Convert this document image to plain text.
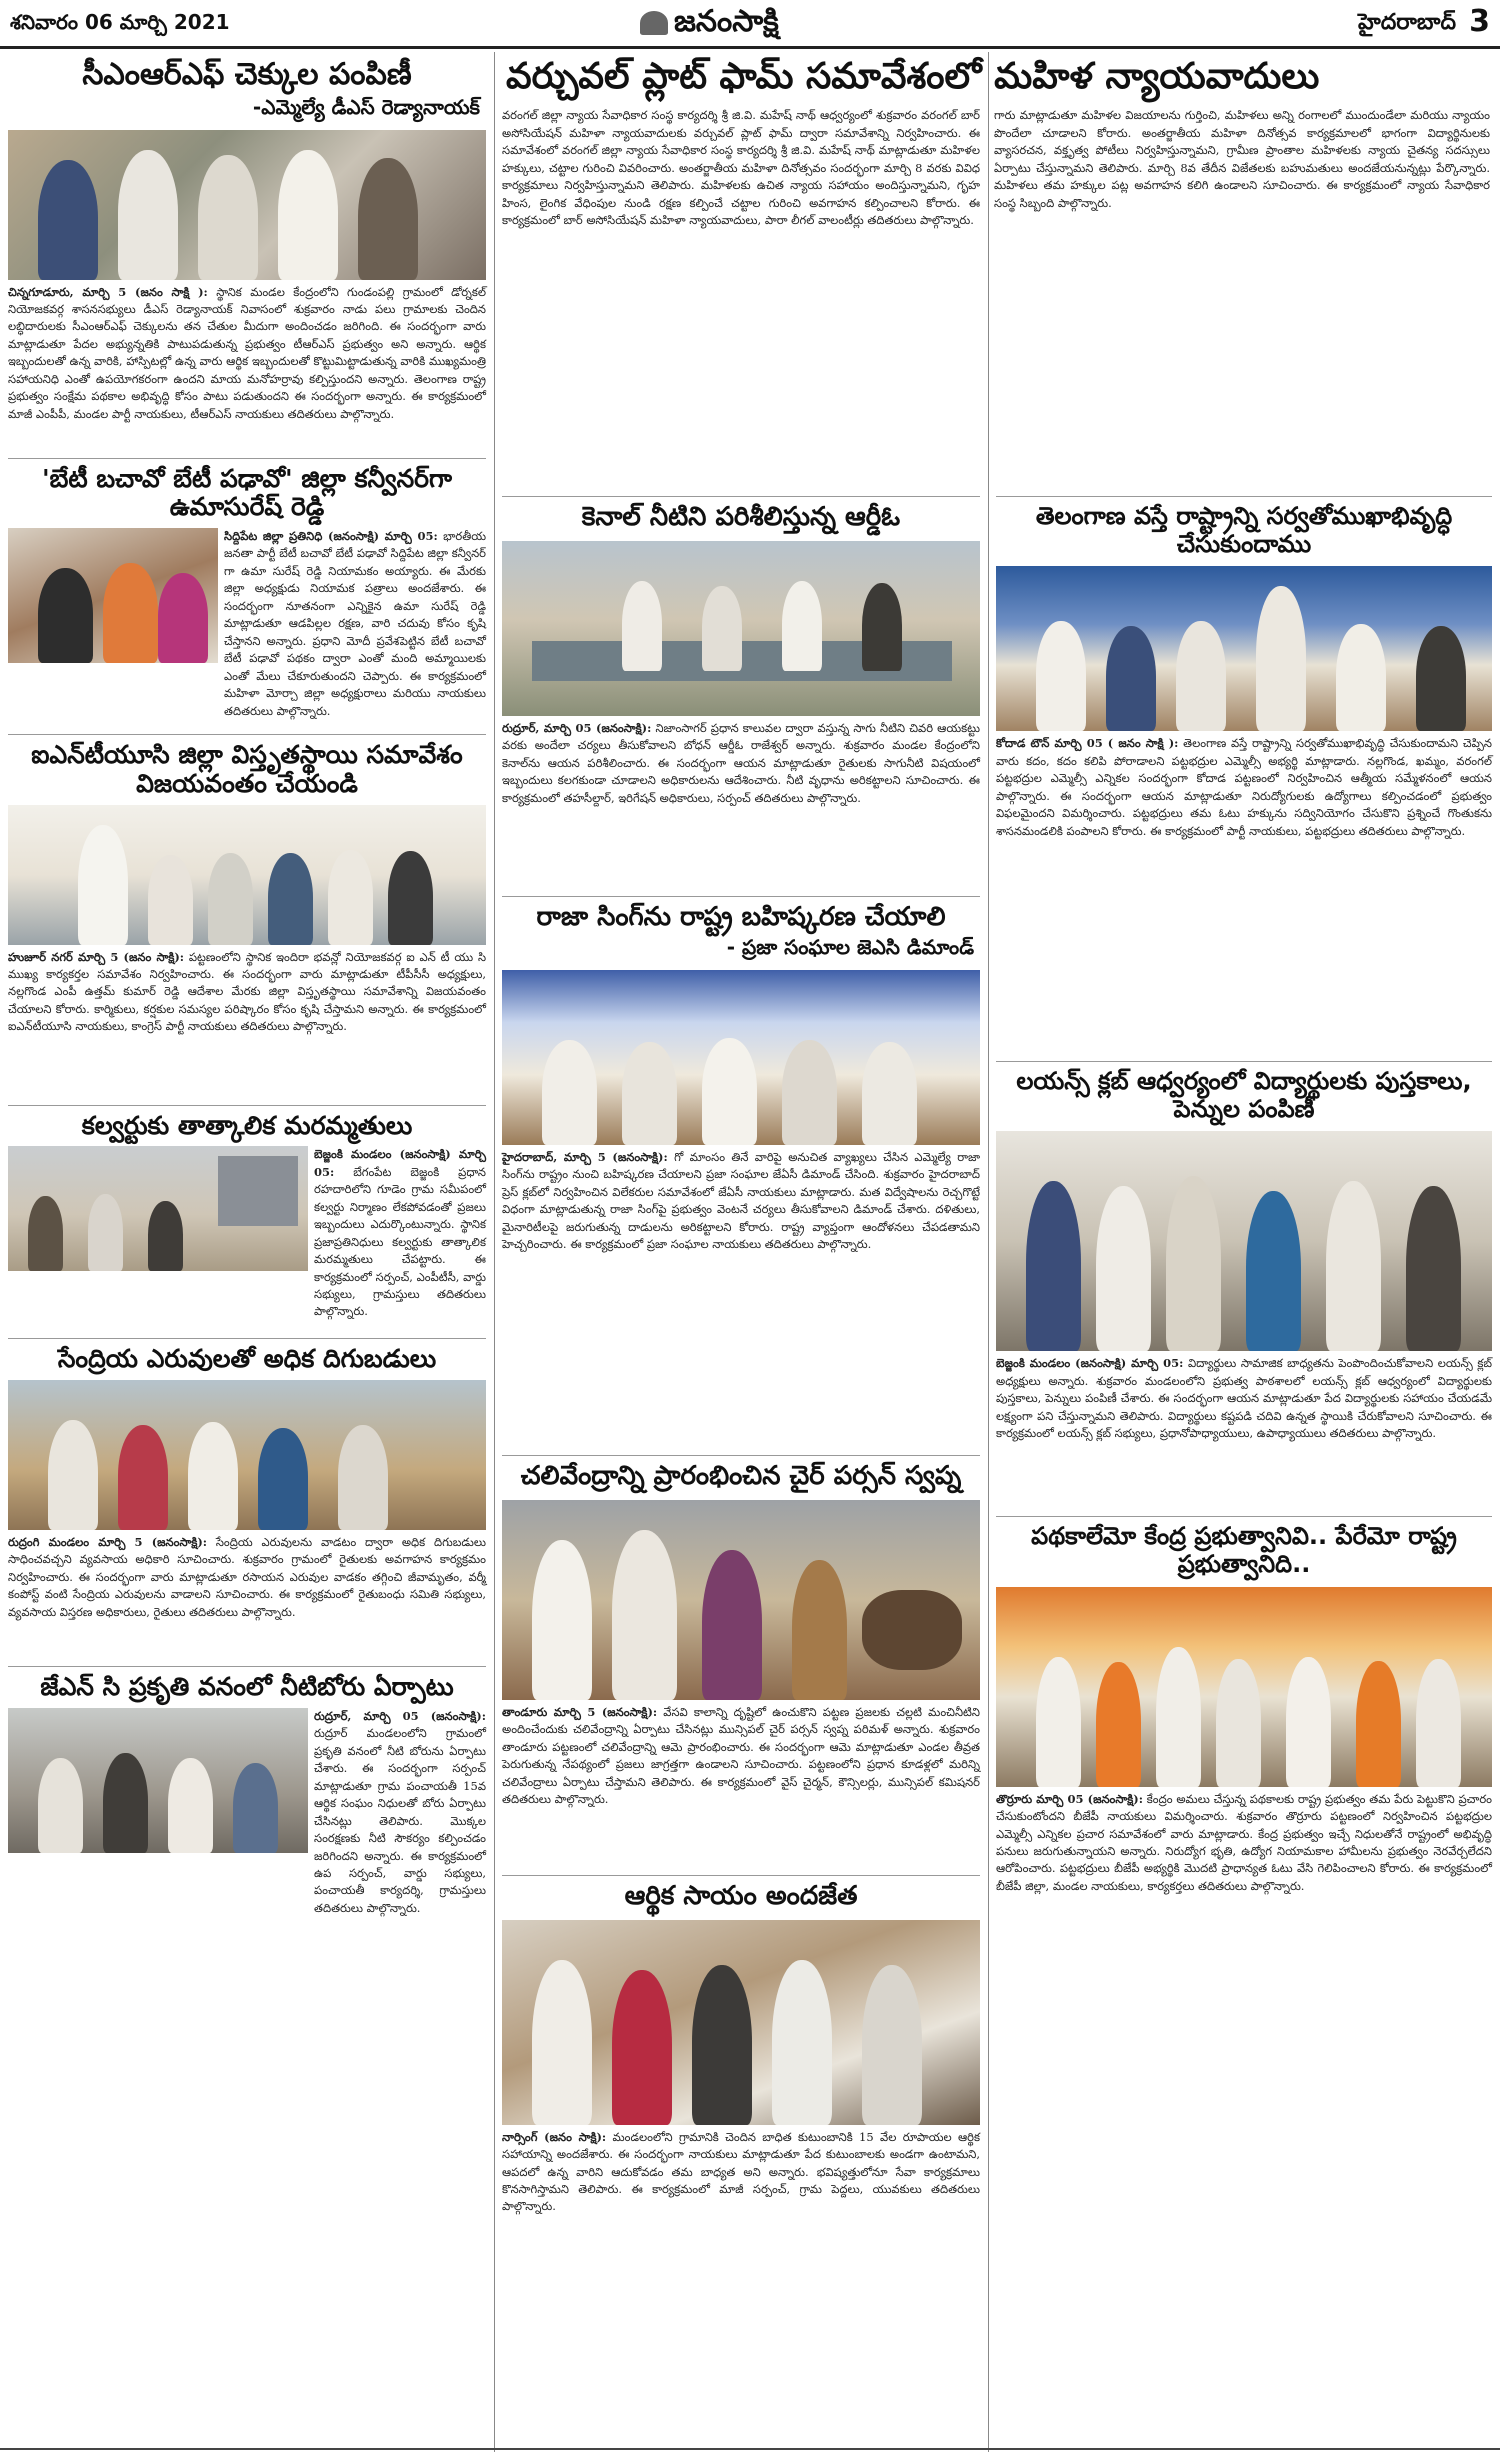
శనివారం 06 మార్చి 2021	జనంసాక్షి	హైదరాబాద్ 3
సీఎంఆర్ఎఫ్ చెక్కుల పంపిణీ
-ఎమ్మెల్యే డీఎస్ రెడ్యానాయక్
చిన్నగూడూరు, మార్చి 5 (జనం సాక్షి ): స్థానిక మండల కేంద్రంలోని గుండంపల్లి గ్రామంలో డోర్నకల్ నియోజకవర్గ శాసనసభ్యులు డీఎస్ రెడ్యానాయక్ నివాసంలో శుక్రవారం నాడు పలు గ్రామాలకు చెందిన లబ్ధిదారులకు సీఎంఆర్ఎఫ్ చెక్కులను తన చేతుల మీదుగా అందించడం జరిగింది. ఈ సందర్భంగా వారు మాట్లాడుతూ పేదల అభ్యున్నతికి పాటుపడుతున్న ప్రభుత్వం టీఆర్ఎస్ ప్రభుత్వం అని అన్నారు. ఆర్థిక ఇబ్బందులతో ఉన్న వారికి, హాస్పిటల్లో ఉన్న వారు ఆర్థిక ఇబ్బందులతో కొట్టుమిట్టాడుతున్న వారికి ముఖ్యమంత్రి సహాయనిధి ఎంతో ఉపయోగకరంగా ఉందని మాయ మనోహర్రావు కల్పిస్తుందని అన్నారు. తెలంగాణ రాష్ట్ర ప్రభుత్వం సంక్షేమ పథకాల అభివృద్ధి కోసం పాటు పడుతుందని ఈ సందర్భంగా అన్నారు. ఈ కార్యక్రమంలో మాజీ ఎంపీపీ, మండల పార్టీ నాయకులు, టీఆర్ఎస్ నాయకులు తదితరులు పాల్గొన్నారు.
'బేటీ బచావో బేటీ పఢావో' జిల్లా కన్వీనర్‌గా ఉమాసురేష్ రెడ్డి
సిద్దిపేట జిల్లా ప్రతినిధి (జనంసాక్షి) మార్చి 05: భారతీయ జనతా పార్టీ బేటీ బచావో బేటీ పఢావో సిద్దిపేట జిల్లా కన్వీనర్ గా ఉమా సురేష్ రెడ్డి నియామకం అయ్యారు. ఈ మేరకు జిల్లా అధ్యక్షుడు నియామక పత్రాలు అందజేశారు. ఈ సందర్భంగా నూతనంగా ఎన్నికైన ఉమా సురేష్ రెడ్డి మాట్లాడుతూ ఆడపిల్లల రక్షణ, వారి చదువు కోసం కృషి చేస్తానని అన్నారు. ప్రధాని మోదీ ప్రవేశపెట్టిన బేటీ బచావో బేటీ పఢావో పథకం ద్వారా ఎంతో మంది అమ్మాయిలకు ఎంతో మేలు చేకూరుతుందని చెప్పారు. ఈ కార్యక్రమంలో మహిళా మోర్చా జిల్లా అధ్యక్షురాలు మరియు నాయకులు తదితరులు పాల్గొన్నారు.
ఐఎన్‌టీయూసి జిల్లా విస్తృతస్థాయి సమావేశం విజయవంతం చేయండి
హుజూర్ నగర్ మార్చి 5 (జనం సాక్షి): పట్టణంలోని స్థానిక ఇందిరా భవన్లో నియోజకవర్గ ఐ ఎన్ టీ యు సి ముఖ్య కార్యకర్తల సమావేశం నిర్వహించారు. ఈ సందర్భంగా వారు మాట్లాడుతూ టీపీసీసీ అధ్యక్షులు, నల్లగొండ ఎంపీ ఉత్తమ్ కుమార్ రెడ్డి ఆదేశాల మేరకు జిల్లా విస్తృతస్థాయి సమావేశాన్ని విజయవంతం చేయాలని కోరారు. కార్మికులు, కర్షకుల సమస్యల పరిష్కారం కోసం కృషి చేస్తామని అన్నారు. ఈ కార్యక్రమంలో ఐఎన్‌టీయూసి నాయకులు, కాంగ్రెస్ పార్టీ నాయకులు తదితరులు పాల్గొన్నారు.
కల్వర్టుకు తాత్కాలిక మరమ్మతులు
బెజ్జంకి మండలం (జనంసాక్షి) మార్చి 05: బేగంపేట బెజ్జంకి ప్రధాన రహదారిలోని గూడెం గ్రామ సమీపంలో కల్వర్టు నిర్మాణం లేకపోవడంతో ప్రజలు ఇబ్బందులు ఎదుర్కొంటున్నారు. స్థానిక ప్రజాప్రతినిధులు కల్వర్టుకు తాత్కాలిక మరమ్మతులు చేపట్టారు. ఈ కార్యక్రమంలో సర్పంచ్, ఎంపీటీసీ, వార్డు సభ్యులు, గ్రామస్తులు తదితరులు పాల్గొన్నారు.
సేంద్రియ ఎరువులతో అధిక దిగుబడులు
రుద్రంగి మండలం మార్చి 5 (జనంసాక్షి): సేంద్రియ ఎరువులను వాడటం ద్వారా అధిక దిగుబడులు సాధించవచ్చని వ్యవసాయ అధికారి సూచించారు. శుక్రవారం గ్రామంలో రైతులకు అవగాహన కార్యక్రమం నిర్వహించారు. ఈ సందర్భంగా వారు మాట్లాడుతూ రసాయన ఎరువుల వాడకం తగ్గించి జీవామృతం, వర్మీ కంపోస్ట్ వంటి సేంద్రియ ఎరువులను వాడాలని సూచించారు. ఈ కార్యక్రమంలో రైతుబంధు సమితి సభ్యులు, వ్యవసాయ విస్తరణ అధికారులు, రైతులు తదితరులు పాల్గొన్నారు.
జేఎన్ సి ప్రకృతి వనంలో నీటిబోరు ఏర్పాటు
రుద్రూర్, మార్చి 05 (జనంసాక్షి): రుద్రూర్ మండలంలోని గ్రామంలో ప్రకృతి వనంలో నీటి బోరును ఏర్పాటు చేశారు. ఈ సందర్భంగా సర్పంచ్ మాట్లాడుతూ గ్రామ పంచాయతీ 15వ ఆర్థిక సంఘం నిధులతో బోరు ఏర్పాటు చేసినట్లు తెలిపారు. మొక్కల సంరక్షణకు నీటి సౌకర్యం కల్పించడం జరిగిందని అన్నారు. ఈ కార్యక్రమంలో ఉప సర్పంచ్, వార్డు సభ్యులు, పంచాయతీ కార్యదర్శి, గ్రామస్తులు తదితరులు పాల్గొన్నారు.
వర్చువల్ ప్లాట్ ఫామ్ సమావేశంలో మహిళ న్యాయవాదులు
వరంగల్ జిల్లా న్యాయ సేవాధికార సంస్థ కార్యదర్శి శ్రీ జి.వి. మహేష్ నాథ్ ఆధ్వర్యంలో శుక్రవారం వరంగల్ బార్ అసోసియేషన్ మహిళా న్యాయవాదులకు వర్చువల్ ప్లాట్ ఫామ్ ద్వారా సమావేశాన్ని నిర్వహించారు. ఈ సమావేశంలో వరంగల్ జిల్లా న్యాయ సేవాధికార సంస్థ కార్యదర్శి శ్రీ జి.వి. మహేష్ నాథ్ మాట్లాడుతూ మహిళల హక్కులు, చట్టాల గురించి వివరించారు. అంతర్జాతీయ మహిళా దినోత్సవం సందర్భంగా మార్చి 8 వరకు వివిధ కార్యక్రమాలు నిర్వహిస్తున్నామని తెలిపారు. మహిళలకు ఉచిత న్యాయ సహాయం అందిస్తున్నామని, గృహ హింస, లైంగిక వేధింపుల నుండి రక్షణ కల్పించే చట్టాల గురించి అవగాహన కల్పించాలని కోరారు. ఈ కార్యక్రమంలో బార్ అసోసియేషన్ మహిళా న్యాయవాదులు, పారా లీగల్ వాలంటీర్లు తదితరులు పాల్గొన్నారు.
గారు మాట్లాడుతూ మహిళల విజయాలను గుర్తించి, మహిళలు అన్ని రంగాలలో ముందుండేలా మరియు న్యాయం పొందేలా చూడాలని కోరారు. అంతర్జాతీయ మహిళా దినోత్సవ కార్యక్రమాలలో భాగంగా విద్యార్థినులకు వ్యాసరచన, వక్తృత్వ పోటీలు నిర్వహిస్తున్నామని, గ్రామీణ ప్రాంతాల మహిళలకు న్యాయ చైతన్య సదస్సులు ఏర్పాటు చేస్తున్నామని తెలిపారు. మార్చి 8వ తేదీన విజేతలకు బహుమతులు అందజేయనున్నట్లు పేర్కొన్నారు. మహిళలు తమ హక్కుల పట్ల అవగాహన కలిగి ఉండాలని సూచించారు. ఈ కార్యక్రమంలో న్యాయ సేవాధికార సంస్థ సిబ్బంది పాల్గొన్నారు.
కెనాల్ నీటిని పరిశీలిస్తున్న ఆర్డీఓ
రుద్రూర్, మార్చి 05 (జనంసాక్షి): నిజాంసాగర్ ప్రధాన కాలువల ద్వారా వస్తున్న సాగు నీటిని చివరి ఆయకట్టు వరకు అందేలా చర్యలు తీసుకోవాలని బోధన్ ఆర్డీఓ రాజేశ్వర్ అన్నారు. శుక్రవారం మండల కేంద్రంలోని కెనాల్‌ను ఆయన పరిశీలించారు. ఈ సందర్భంగా ఆయన మాట్లాడుతూ రైతులకు సాగునీటి విషయంలో ఇబ్బందులు కలగకుండా చూడాలని అధికారులను ఆదేశించారు. నీటి వృధాను అరికట్టాలని సూచించారు. ఈ కార్యక్రమంలో తహసీల్దార్, ఇరిగేషన్ అధికారులు, సర్పంచ్ తదితరులు పాల్గొన్నారు.
రాజా సింగ్‌ను రాష్ట్ర బహిష్కరణ చేయాలి
- ప్రజా సంఘాల జెఎసి డిమాండ్
హైదరాబాద్, మార్చి 5 (జనంసాక్షి): గో మాంసం తినే వారిపై అనుచిత వ్యాఖ్యలు చేసిన ఎమ్మెల్యే రాజా సింగ్‌ను రాష్ట్రం నుంచి బహిష్కరణ చేయాలని ప్రజా సంఘాల జేఏసీ డిమాండ్ చేసింది. శుక్రవారం హైదరాబాద్ ప్రెస్ క్లబ్‌లో నిర్వహించిన విలేకరుల సమావేశంలో జేఏసీ నాయకులు మాట్లాడారు. మత విద్వేషాలను రెచ్చగొట్టే విధంగా మాట్లాడుతున్న రాజా సింగ్‌పై ప్రభుత్వం వెంటనే చర్యలు తీసుకోవాలని డిమాండ్ చేశారు. దళితులు, మైనారిటీలపై జరుగుతున్న దాడులను అరికట్టాలని కోరారు. రాష్ట్ర వ్యాప్తంగా ఆందోళనలు చేపడతామని హెచ్చరించారు. ఈ కార్యక్రమంలో ప్రజా సంఘాల నాయకులు తదితరులు పాల్గొన్నారు.
చలివేంద్రాన్ని ప్రారంభించిన చైర్ పర్సన్ స్వప్న
తాండూరు మార్చి 5 (జనంసాక్షి): వేసవి కాలాన్ని దృష్టిలో ఉంచుకొని పట్టణ ప్రజలకు చల్లటి మంచినీటిని అందించేందుకు చలివేంద్రాన్ని ఏర్పాటు చేసినట్లు మున్సిపల్ చైర్ పర్సన్ స్వప్న పరిమళ్ అన్నారు. శుక్రవారం తాండూరు పట్టణంలో చలివేంద్రాన్ని ఆమె ప్రారంభించారు. ఈ సందర్భంగా ఆమె మాట్లాడుతూ ఎండల తీవ్రత పెరుగుతున్న నేపథ్యంలో ప్రజలు జాగ్రత్తగా ఉండాలని సూచించారు. పట్టణంలోని ప్రధాన కూడళ్లలో మరిన్ని చలివేంద్రాలు ఏర్పాటు చేస్తామని తెలిపారు. ఈ కార్యక్రమంలో వైస్ చైర్మన్, కౌన్సిలర్లు, మున్సిపల్ కమిషనర్ తదితరులు పాల్గొన్నారు.
ఆర్థిక సాయం అందజేత
నార్సింగ్ (జనం సాక్షి): మండలంలోని గ్రామానికి చెందిన బాధిత కుటుంబానికి 15 వేల రూపాయల ఆర్థిక సహాయాన్ని అందజేశారు. ఈ సందర్భంగా నాయకులు మాట్లాడుతూ పేద కుటుంబాలకు అండగా ఉంటామని, ఆపదలో ఉన్న వారిని ఆదుకోవడం తమ బాధ్యత అని అన్నారు. భవిష్యత్తులోనూ సేవా కార్యక్రమాలు కొనసాగిస్తామని తెలిపారు. ఈ కార్యక్రమంలో మాజీ సర్పంచ్, గ్రామ పెద్దలు, యువకులు తదితరులు పాల్గొన్నారు.
తెలంగాణ వస్తే రాష్ట్రాన్ని సర్వతోముఖాభివృద్ధి చేసుకుందాము
కోదాడ టౌన్ మార్చి 05 ( జనం సాక్షి ): తెలంగాణ వస్తే రాష్ట్రాన్ని సర్వతోముఖాభివృద్ధి చేసుకుందామని చెప్పిన వారు కదం, కదం కలిపి పోరాడాలని పట్టభద్రుల ఎమ్మెల్సీ అభ్యర్థి మాట్లాడారు. నల్లగొండ, ఖమ్మం, వరంగల్ పట్టభద్రుల ఎమ్మెల్సీ ఎన్నికల సందర్భంగా కోదాడ పట్టణంలో నిర్వహించిన ఆత్మీయ సమ్మేళనంలో ఆయన పాల్గొన్నారు. ఈ సందర్భంగా ఆయన మాట్లాడుతూ నిరుద్యోగులకు ఉద్యోగాలు కల్పించడంలో ప్రభుత్వం విఫలమైందని విమర్శించారు. పట్టభద్రులు తమ ఓటు హక్కును సద్వినియోగం చేసుకొని ప్రశ్నించే గొంతుకను శాసనమండలికి పంపాలని కోరారు. ఈ కార్యక్రమంలో పార్టీ నాయకులు, పట్టభద్రులు తదితరులు పాల్గొన్నారు.
లయన్స్ క్లబ్ ఆధ్వర్యంలో విద్యార్థులకు పుస్తకాలు, పెన్నుల పంపిణీ
బెజ్జంకి మండలం (జనంసాక్షి) మార్చి 05: విద్యార్థులు సామాజిక బాధ్యతను పెంపొందించుకోవాలని లయన్స్ క్లబ్ అధ్యక్షులు అన్నారు. శుక్రవారం మండలంలోని ప్రభుత్వ పాఠశాలలో లయన్స్ క్లబ్ ఆధ్వర్యంలో విద్యార్థులకు పుస్తకాలు, పెన్నులు పంపిణీ చేశారు. ఈ సందర్భంగా ఆయన మాట్లాడుతూ పేద విద్యార్థులకు సహాయం చేయడమే లక్ష్యంగా పని చేస్తున్నామని తెలిపారు. విద్యార్థులు కష్టపడి చదివి ఉన్నత స్థాయికి చేరుకోవాలని సూచించారు. ఈ కార్యక్రమంలో లయన్స్ క్లబ్ సభ్యులు, ప్రధానోపాధ్యాయులు, ఉపాధ్యాయులు తదితరులు పాల్గొన్నారు.
పథకాలేమో కేంద్ర ప్రభుత్వానివి.. పేరేమో రాష్ట్ర ప్రభుత్వానిది..
తొర్రూరు మార్చి 05 (జనంసాక్షి): కేంద్రం అమలు చేస్తున్న పథకాలకు రాష్ట్ర ప్రభుత్వం తమ పేరు పెట్టుకొని ప్రచారం చేసుకుంటోందని బీజేపీ నాయకులు విమర్శించారు. శుక్రవారం తొర్రూరు పట్టణంలో నిర్వహించిన పట్టభద్రుల ఎమ్మెల్సీ ఎన్నికల ప్రచార సమావేశంలో వారు మాట్లాడారు. కేంద్ర ప్రభుత్వం ఇచ్చే నిధులతోనే రాష్ట్రంలో అభివృద్ధి పనులు జరుగుతున్నాయని అన్నారు. నిరుద్యోగ భృతి, ఉద్యోగ నియామకాల హామీలను ప్రభుత్వం నెరవేర్చలేదని ఆరోపించారు. పట్టభద్రులు బీజేపీ అభ్యర్థికి మొదటి ప్రాధాన్యత ఓటు వేసి గెలిపించాలని కోరారు. ఈ కార్యక్రమంలో బీజేపీ జిల్లా, మండల నాయకులు, కార్యకర్తలు తదితరులు పాల్గొన్నారు.
